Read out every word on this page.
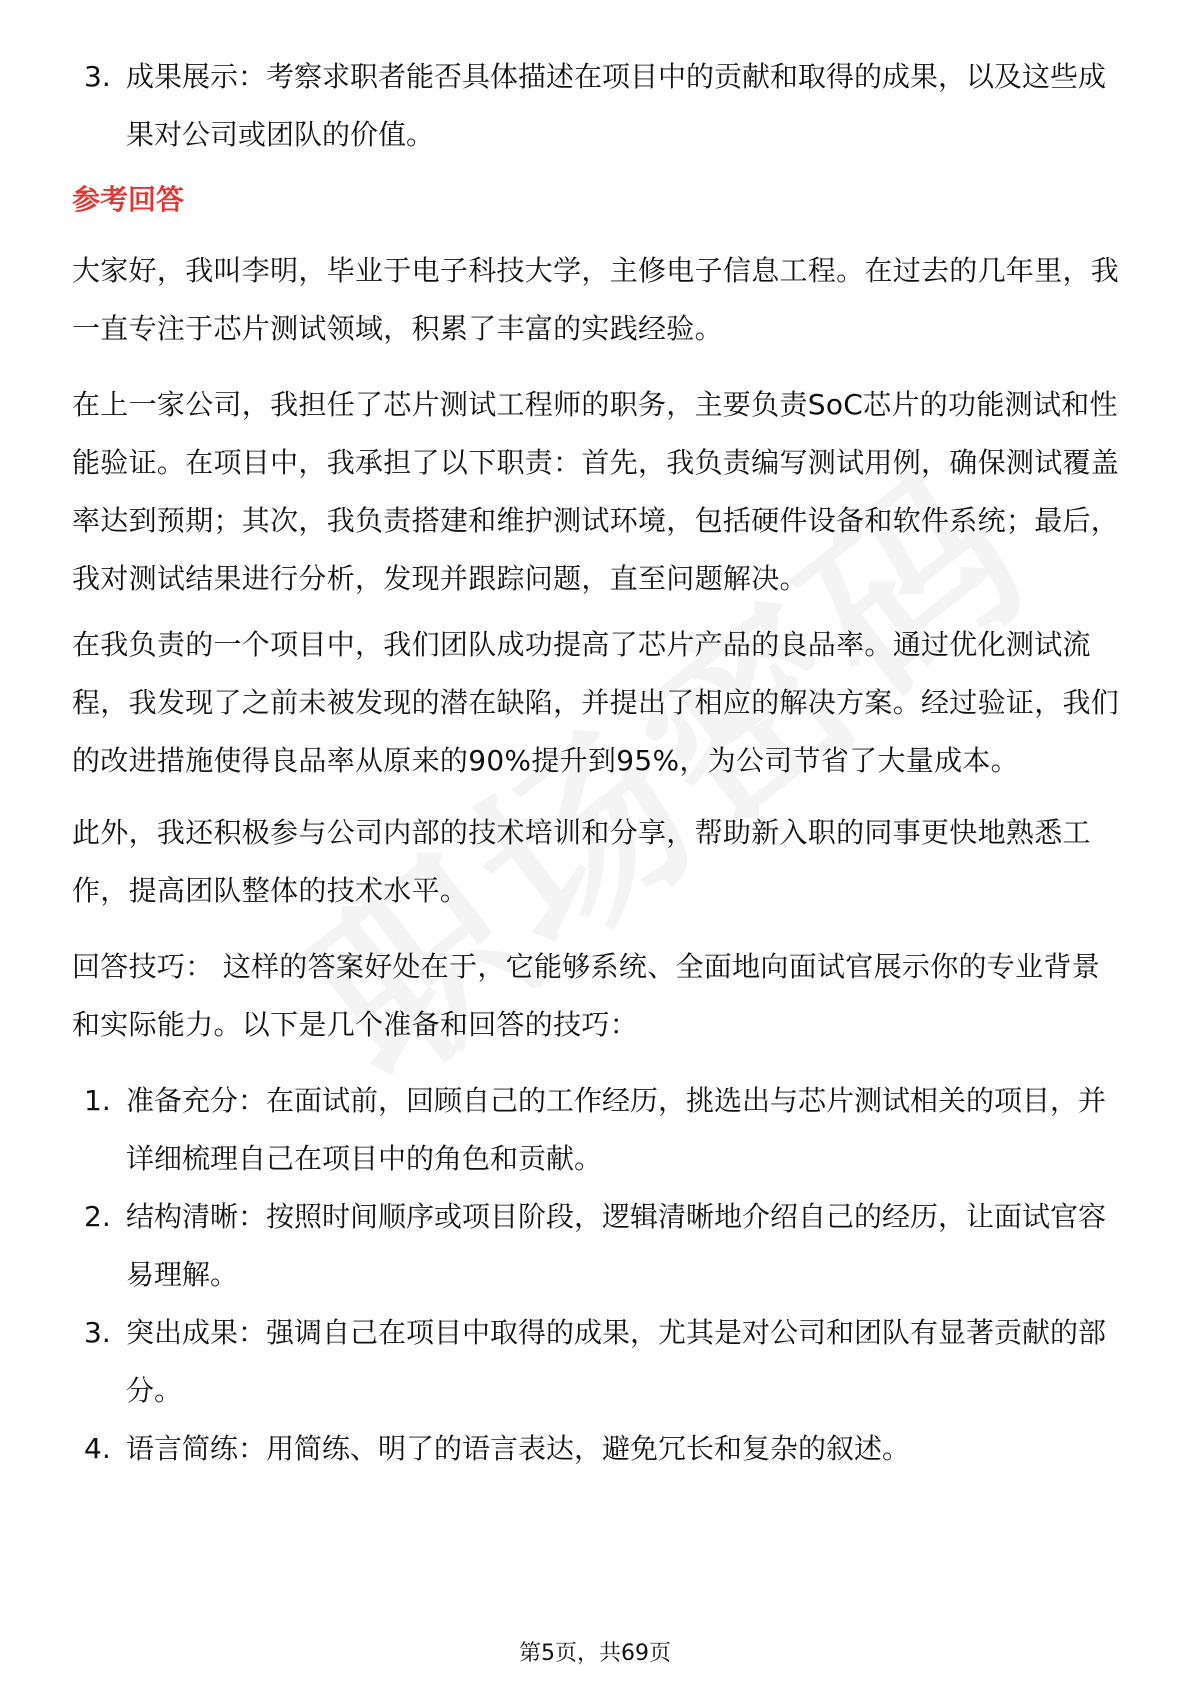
3. 成果展示：考察求职者能否具体描述在项目中的贡献和取得的成果，以及这些成果对公司或团队的价值。
参考回答

大家好，我叫李明，毕业于电子科技大学，主修电子信息工程。在过去的几年里，我一直专注于芯片测试领域，积累了丰富的实践经验。

在上一家公司，我担任了芯片测试工程师的职务，主要负责SoC芯片的功能测试和性能验证。在项目中，我承担了以下职责：首先，我负责编写测试用例，确保测试覆盖率达到预期；其次，我负责搭建和维护测试环境，包括硬件设备和软件系统；最后，我对测试结果进行分析，发现并跟踪问题，直至问题解决。

在我负责的一个项目中，我们团队成功提高了芯片产品的良品率。通过优化测试流程，我发现了之前未被发现的潜在缺陷，并提出了相应的解决方案。经过验证，我们的改进措施使得良品率从原来的90%提升到95%，为公司节省了大量成本。

此外，我还积极参与公司内部的技术培训和分享，帮助新入职的同事更快地熟悉工作，提高团队整体的技术水平。

回答技巧： 这样的答案好处在于，它能够系统、全面地向面试官展示你的专业背景和实际能力。以下是几个准备和回答的技巧：

1. 准备充分：在面试前，回顾自己的工作经历，挑选出与芯片测试相关的项目，并详细梳理自己在项目中的角色和贡献。
2. 结构清晰：按照时间顺序或项目阶段，逻辑清晰地介绍自己的经历，让面试官容易理解。
3. 突出成果：强调自己在项目中取得的成果，尤其是对公司和团队有显著贡献的部分。
4. 语言简练：用简练、明了的语言表达，避免冗长和复杂的叙述。
第5页，共69页
